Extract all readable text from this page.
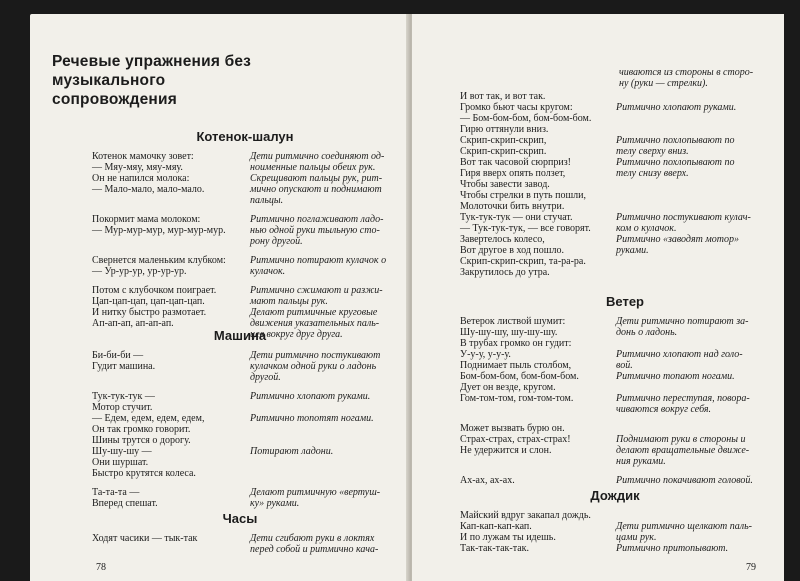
Речевые упражнения без музыкального сопровождения
Котенок-шалун
Котенок мамочку зовет:	Дети ритмично соединяют од-
— Мяу-мяу, мяу-мяу.	ноименные пальцы обеих рук.
Он не напился молока:	Скрещивают пальцы рук, рит-
— Мало-мало, мало-мало.	мично опускают и поднимают
пальцы.
Покормит мама молоком:	Ритмично поглаживают ладо-
— Мур-мур-мур, мур-мур-мур.	нью одной руки тыльную сто-
рону другой.
Свернется маленьким клубком:	Ритмично потирают кулачок о
— Ур-ур-ур, ур-ур-ур.	кулачок.
Потом с клубочком поиграет.	Ритмично сжимают и разжи-
Цап-цап-цап, цап-цап-цап.	мают пальцы рук.
И нитку быстро размотает.	Делают ритмичные круговые
Ап-ап-ап, ап-ап-ап.	движения указательных паль-
цев вокруг друг друга.
Машина
Би-би-би —	Дети ритмично постукивают
Гудит машина.	кулачком одной руки о ладонь
другой.
Тук-тук-тук —	Ритмично хлопают руками.
Мотор стучит.
— Едем, едем, едем, едем,	Ритмично топотят ногами.
Он так громко говорит.
Шины трутся о дорогу.
Шу-шу-шу —	Потирают ладони.
Они шуршат.
Быстро крутятся колеса.
Та-та-та —	Делают ритмичную «вертуш-
Вперед спешат.	ку» руками.
Часы
Ходят часики — тык-так	Дети сгибают руки в локтях
перед собой и ритмично кача-
78
чиваются из стороны в сторо-
ну (руки — стрелки).
И вот так, и вот так.
Громко бьют часы кругом:	Ритмично хлопают руками.
— Бом-бом-бом, бом-бом-бом.
Гирю оттянули вниз.
Скрип-скрип-скрип,	Ритмично похлопывают по
Скрип-скрип-скрип.	телу сверху вниз.
Вот так часовой сюрприз!	Ритмично похлопывают по
Гиря вверх опять ползет,	телу снизу вверх.
Чтобы завести завод.
Чтобы стрелки в путь пошли,
Молоточки бить внутри.
Тук-тук-тук — они стучат.	Ритмично постукивают кулач-
— Тук-тук-тук, — все говорят.	ком о кулачок.
Завертелось колесо,	Ритмично «заводят мотор»
Вот другое в ход пошло.	руками.
Скрип-скрип-скрип, та-ра-ра.
Закрутилось до утра.
Ветер
Ветерок листвой шумит:	Дети ритмично потирают за-
Шу-шу-шу, шу-шу-шу.	донь о ладонь.
В трубах громко он гудит:
У-у-у, у-у-у.	Ритмично хлопают над голо-
Поднимает пыль столбом,	вой.
Бом-бом-бом, бом-бом-бом.	Ритмично топают ногами.
Дует он везде, кругом.
Гом-том-том, гом-том-том.	Ритмично переступая, повора-
чиваются вокруг себя.
Может вызвать бурю он.
Страх-страх, страх-страх!	Поднимают руки в стороны и
Не удержится и слон.	делают вращательные движе-
ния руками.
Ах-ах, ах-ах.	Ритмично покачивают головой.
Дождик
Майский вдруг закапал дождь.
Кап-кап-кап-кап.	Дети ритмично щелкают паль-
И по лужам ты идешь.	цами рук.
Так-так-так-так.	Ритмично притопывают.
79
